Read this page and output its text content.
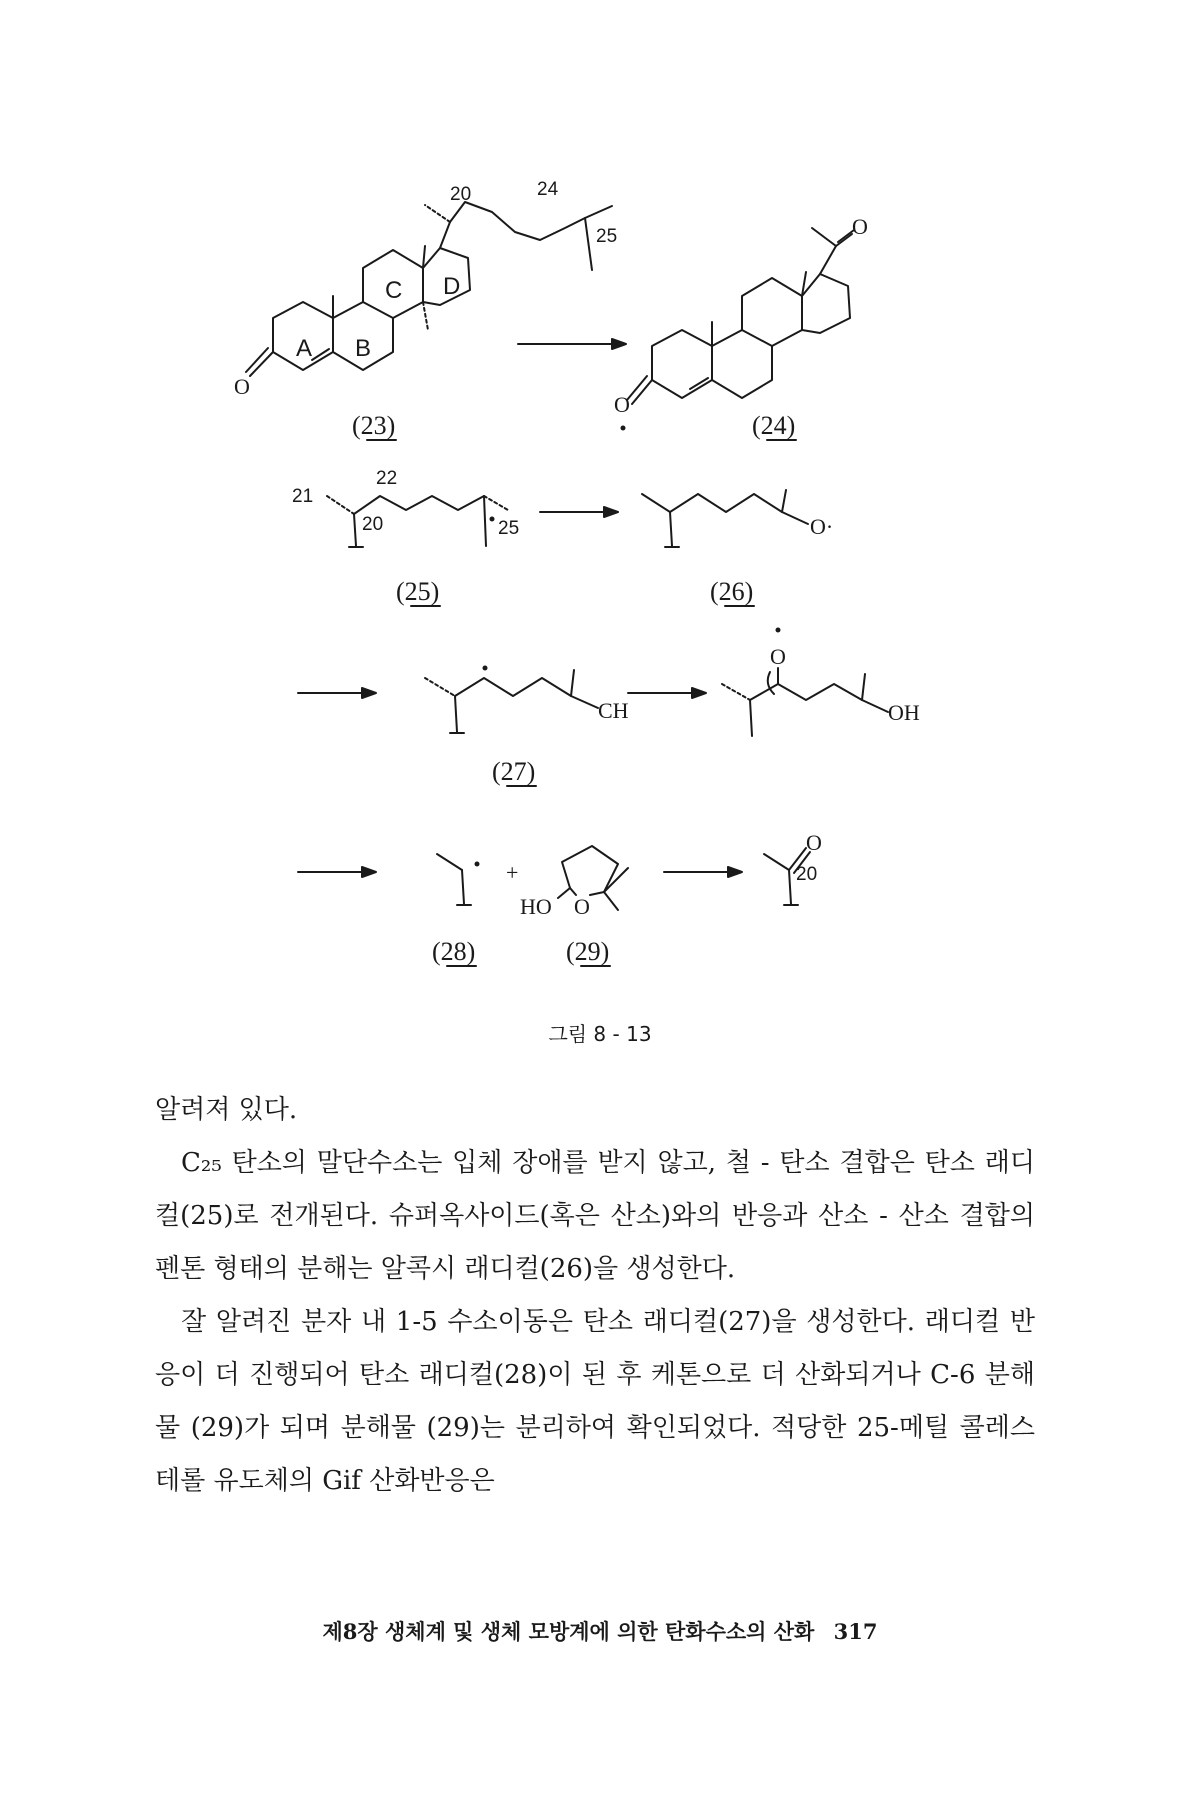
A B
C D
O
20	24
25
(23)
O
O
(24)
21
22
20	25
(25)
O·
(26)
CH
(27)
O
OH
+
HO O
(28)	(29)
O
20
그림 8 - 13

알려져 있다.

C₂₅ 탄소의 말단수소는 입체 장애를 받지 않고, 철 - 탄소 결합은 탄소 래디컬(25)로 전개된다. 슈퍼옥사이드(혹은 산소)와의 반응과 산소 - 산소 결합의 펜톤 형태의 분해는 알콕시 래디컬(26)을 생성한다.

잘 알려진 분자 내 1-5 수소이동은 탄소 래디컬(27)을 생성한다. 래디컬 반응이 더 진행되어 탄소 래디컬(28)이 된 후 케톤으로 더 산화되거나 C-6 분해물 (29)가 되며 분해물 (29)는 분리하여 확인되었다. 적당한 25-메틸 콜레스테롤 유도체의 Gif 산화반응은

제8장 생체계 및 생체 모방계에 의한 탄화수소의 산화 317
